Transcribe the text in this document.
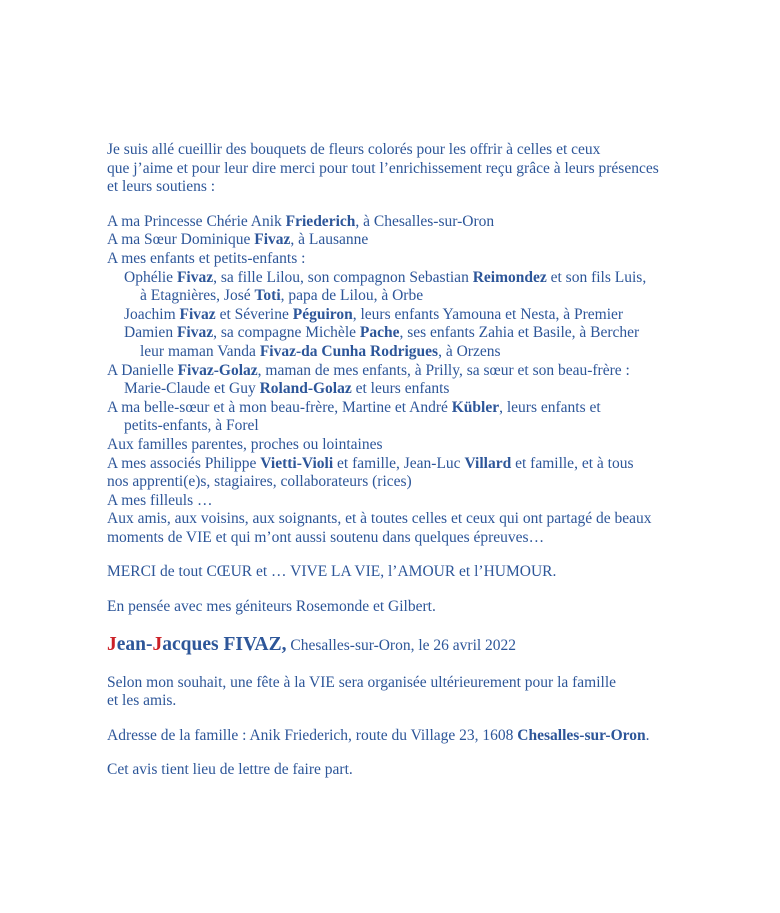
Je suis allé cueillir des bouquets de fleurs colorés pour les offrir à celles et ceux
que j’aime et pour leur dire merci pour tout l’enrichissement reçu grâce à leurs présences
et leurs soutiens :
A ma Princesse Chérie Anik Friederich, à Chesalles-sur-Oron
A ma Sœur Dominique Fivaz, à Lausanne
A mes enfants et petits-enfants :
Ophélie Fivaz, sa fille Lilou, son compagnon Sebastian Reimondez et son fils Luis,
à Etagnières, José Toti, papa de Lilou, à Orbe
Joachim Fivaz et Séverine Péguiron, leurs enfants Yamouna et Nesta, à Premier
Damien Fivaz, sa compagne Michèle Pache, ses enfants Zahia et Basile, à Bercher
leur maman Vanda Fivaz-da Cunha Rodrigues, à Orzens
A Danielle Fivaz-Golaz, maman de mes enfants, à Prilly, sa sœur et son beau-frère :
Marie-Claude et Guy Roland-Golaz et leurs enfants
A ma belle-sœur et à mon beau-frère, Martine et André Kübler, leurs enfants et
petits-enfants, à Forel
Aux familles parentes, proches ou lointaines
A mes associés Philippe Vietti-Violi et famille, Jean-Luc Villard et famille, et à tous
nos apprenti(e)s, stagiaires, collaborateurs (rices)
A mes filleuls …
Aux amis, aux voisins, aux soignants, et à toutes celles et ceux qui ont partagé de beaux
moments de VIE et qui m’ont aussi soutenu dans quelques épreuves…
MERCI de tout CŒUR et … VIVE LA VIE, l’AMOUR et l’HUMOUR.
En pensée avec mes géniteurs Rosemonde et Gilbert.
Jean-Jacques FIVAZ, Chesalles-sur-Oron, le 26 avril 2022
Selon mon souhait, une fête à la VIE sera organisée ultérieurement pour la famille
et les amis.
Adresse de la famille : Anik Friederich, route du Village 23, 1608 Chesalles-sur-Oron.
Cet avis tient lieu de lettre de faire part.
